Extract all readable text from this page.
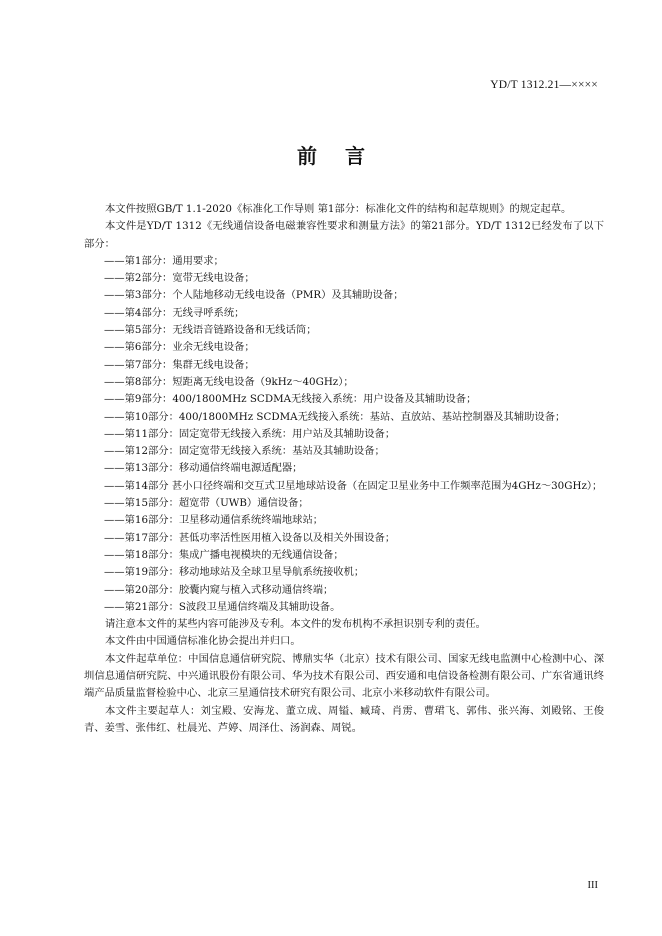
YD/T 1312.21—××××
前言

本文件按照GB/T 1.1-2020《标准化工作导则 第1部分：标准化文件的结构和起草规则》的规定起草。

本文件是YD/T 1312《无线通信设备电磁兼容性要求和测量方法》的第21部分。YD/T 1312已经发布了以下部分：

——第1部分：通用要求；

——第2部分：宽带无线电设备；

——第3部分：个人陆地移动无线电设备（PMR）及其辅助设备；

——第4部分：无线寻呼系统；

——第5部分：无线语音链路设备和无线话筒；

——第6部分：业余无线电设备；

——第7部分：集群无线电设备；

——第8部分：短距离无线电设备（9kHz～40GHz）；

——第9部分：400/1800MHz SCDMA无线接入系统：用户设备及其辅助设备；

——第10部分：400/1800MHz SCDMA无线接入系统：基站、直放站、基站控制器及其辅助设备；

——第11部分：固定宽带无线接入系统：用户站及其辅助设备；

——第12部分：固定宽带无线接入系统：基站及其辅助设备；

——第13部分：移动通信终端电源适配器；

——第14部分 甚小口径终端和交互式卫星地球站设备（在固定卫星业务中工作频率范围为4GHz～30GHz）；

——第15部分：超宽带（UWB）通信设备；

——第16部分：卫星移动通信系统终端地球站；

——第17部分：甚低功率活性医用植入设备以及相关外围设备；

——第18部分：集成广播电视模块的无线通信设备；

——第19部分：移动地球站及全球卫星导航系统接收机；

——第20部分：胶囊内窥与植入式移动通信终端；

——第21部分：S波段卫星通信终端及其辅助设备。

请注意本文件的某些内容可能涉及专利。本文件的发布机构不承担识别专利的责任。

本文件由中国通信标准化协会提出并归口。

本文件起草单位：中国信息通信研究院、博鼎实华（北京）技术有限公司、国家无线电监测中心检测中心、深圳信息通信研究院、中兴通讯股份有限公司、华为技术有限公司、西安通和电信设备检测有限公司、广东省通讯终端产品质量监督检验中心、北京三星通信技术研究有限公司、北京小米移动软件有限公司。

本文件主要起草人：刘宝殿、安海龙、董立成、周镒、臧琦、肖雳、曹珺飞、郭伟、张兴海、刘殿铭、王俊青、姜雪、张伟红、杜晨光、芦婷、周泽仕、汤润森、周锐。

III
